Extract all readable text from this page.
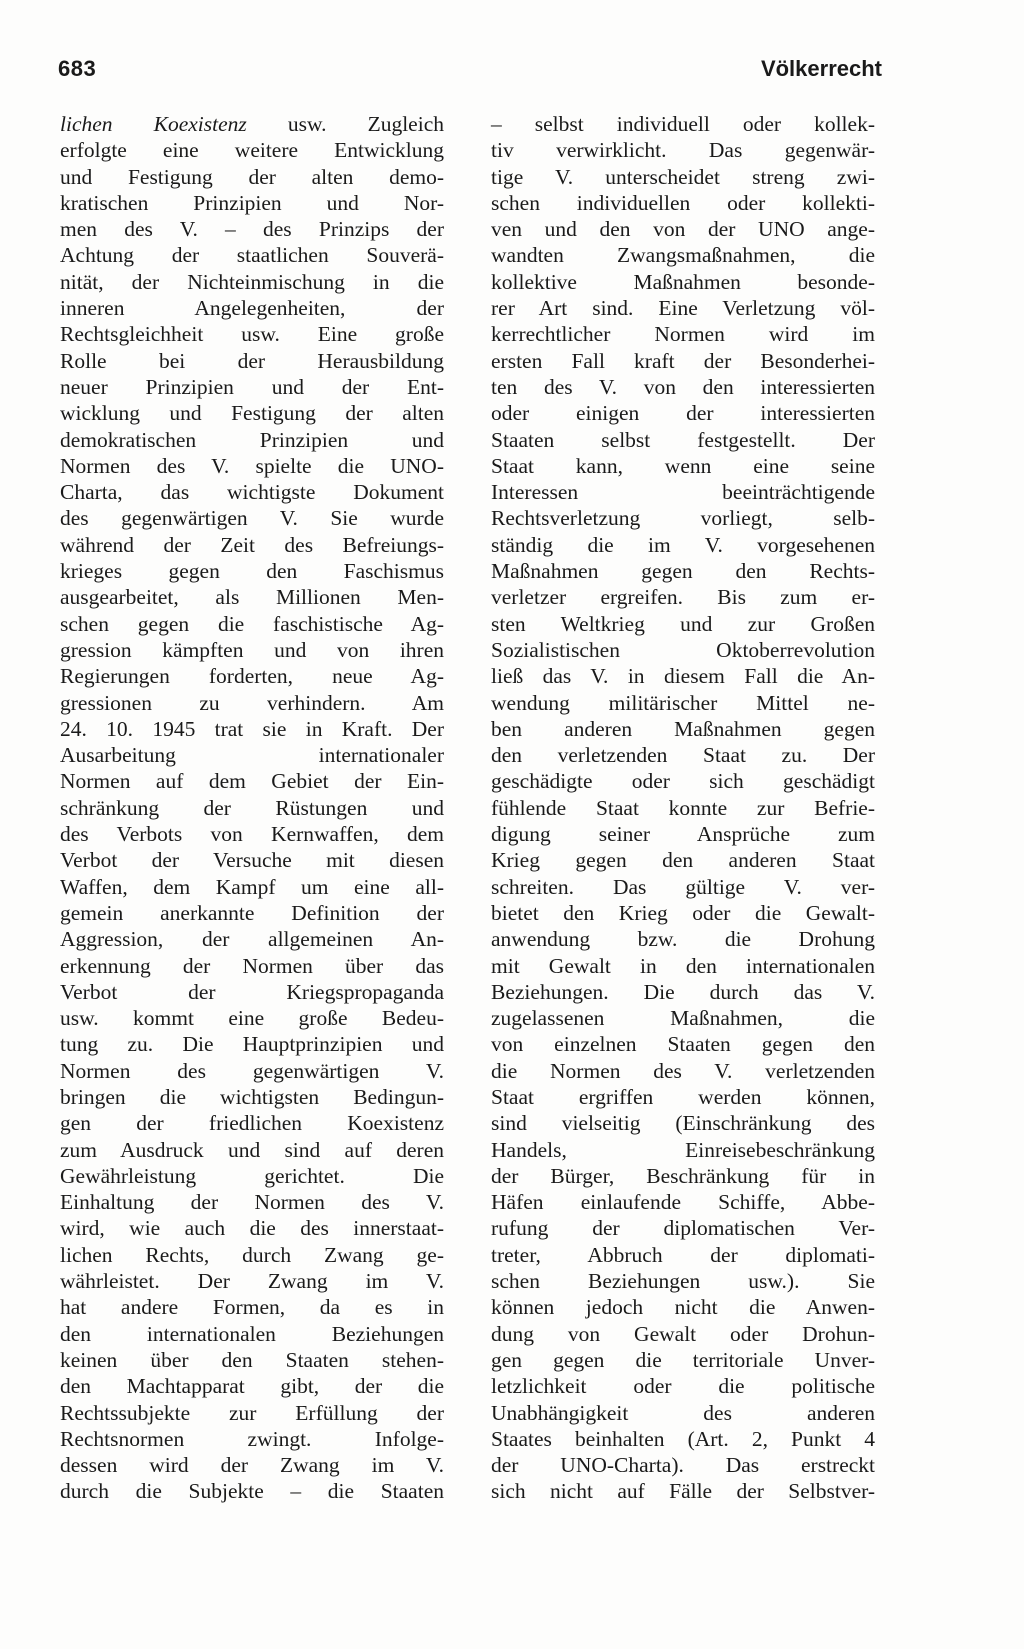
683	Völkerrecht
lichen Koexistenz usw. Zugleich
erfolgte eine weitere Entwicklung
und Festigung der alten demo-
kratischen Prinzipien und Nor-
men des V. – des Prinzips der
Achtung der staatlichen Souverä-
nität, der Nichteinmischung in die
inneren Angelegenheiten, der
Rechtsgleichheit usw. Eine große
Rolle bei der Herausbildung
neuer Prinzipien und der Ent-
wicklung und Festigung der alten
demokratischen Prinzipien und
Normen des V. spielte die UNO-
Charta, das wichtigste Dokument
des gegenwärtigen V. Sie wurde
während der Zeit des Befreiungs-
krieges gegen den Faschismus
ausgearbeitet, als Millionen Men-
schen gegen die faschistische Ag-
gression kämpften und von ihren
Regierungen forderten, neue Ag-
gressionen zu verhindern. Am
24. 10. 1945 trat sie in Kraft. Der
Ausarbeitung internationaler
Normen auf dem Gebiet der Ein-
schränkung der Rüstungen und
des Verbots von Kernwaffen, dem
Verbot der Versuche mit diesen
Waffen, dem Kampf um eine all-
gemein anerkannte Definition der
Aggression, der allgemeinen An-
erkennung der Normen über das
Verbot der Kriegspropaganda
usw. kommt eine große Bedeu-
tung zu. Die Hauptprinzipien und
Normen des gegenwärtigen V.
bringen die wichtigsten Bedingun-
gen der friedlichen Koexistenz
zum Ausdruck und sind auf deren
Gewährleistung gerichtet. Die
Einhaltung der Normen des V.
wird, wie auch die des innerstaat-
lichen Rechts, durch Zwang ge-
währleistet. Der Zwang im V.
hat andere Formen, da es in
den internationalen Beziehungen
keinen über den Staaten stehen-
den Machtapparat gibt, der die
Rechtssubjekte zur Erfüllung der
Rechtsnormen zwingt. Infolge-
dessen wird der Zwang im V.
durch die Subjekte – die Staaten
– selbst individuell oder kollek-
tiv verwirklicht. Das gegenwär-
tige V. unterscheidet streng zwi-
schen individuellen oder kollekti-
ven und den von der UNO ange-
wandten Zwangsmaßnahmen, die
kollektive Maßnahmen besonde-
rer Art sind. Eine Verletzung völ-
kerrechtlicher Normen wird im
ersten Fall kraft der Besonderhei-
ten des V. von den interessierten
oder einigen der interessierten
Staaten selbst festgestellt. Der
Staat kann, wenn eine seine
Interessen beeinträchtigende
Rechtsverletzung vorliegt, selb-
ständig die im V. vorgesehenen
Maßnahmen gegen den Rechts-
verletzer ergreifen. Bis zum er-
sten Weltkrieg und zur Großen
Sozialistischen Oktoberrevolution
ließ das V. in diesem Fall die An-
wendung militärischer Mittel ne-
ben anderen Maßnahmen gegen
den verletzenden Staat zu. Der
geschädigte oder sich geschädigt
fühlende Staat konnte zur Befrie-
digung seiner Ansprüche zum
Krieg gegen den anderen Staat
schreiten. Das gültige V. ver-
bietet den Krieg oder die Gewalt-
anwendung bzw. die Drohung
mit Gewalt in den internationalen
Beziehungen. Die durch das V.
zugelassenen Maßnahmen, die
von einzelnen Staaten gegen den
die Normen des V. verletzenden
Staat ergriffen werden können,
sind vielseitig (Einschränkung des
Handels, Einreisebeschränkung
der Bürger, Beschränkung für in
Häfen einlaufende Schiffe, Abbe-
rufung der diplomatischen Ver-
treter, Abbruch der diplomati-
schen Beziehungen usw.). Sie
können jedoch nicht die Anwen-
dung von Gewalt oder Drohun-
gen gegen die territoriale Unver-
letzlichkeit oder die politische
Unabhängigkeit des anderen
Staates beinhalten (Art. 2, Punkt 4
der UNO-Charta). Das erstreckt
sich nicht auf Fälle der Selbstver-
